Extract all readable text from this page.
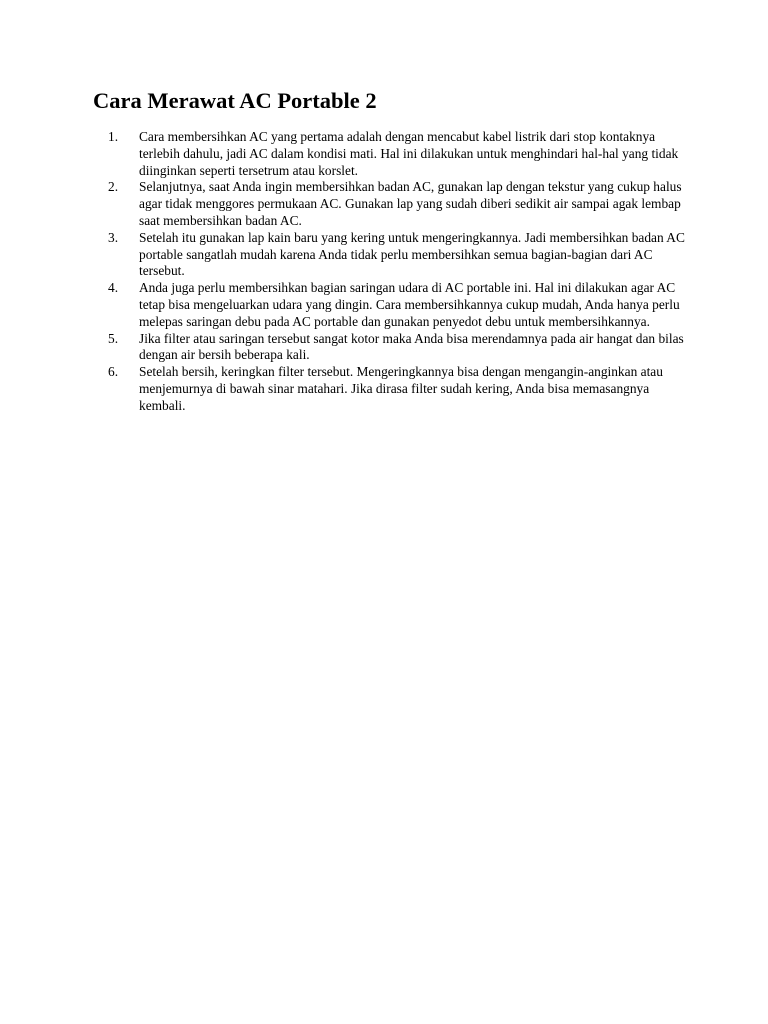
Cara Merawat AC Portable 2
1.	Cara membersihkan AC yang pertama adalah dengan mencabut kabel listrik dari stop kontaknya terlebih dahulu, jadi AC dalam kondisi mati. Hal ini dilakukan untuk menghindari hal-hal yang tidak diinginkan seperti tersetrum atau korslet.
2.	Selanjutnya, saat Anda ingin membersihkan badan AC, gunakan lap dengan tekstur yang cukup halus agar tidak menggores permukaan AC. Gunakan lap yang sudah diberi sedikit air sampai agak lembap saat membersihkan badan AC.
3.	Setelah itu gunakan lap kain baru yang kering untuk mengeringkannya. Jadi membersihkan badan AC portable sangatlah mudah karena Anda tidak perlu membersihkan semua bagian-bagian dari AC tersebut.
4.	Anda juga perlu membersihkan bagian saringan udara di AC portable ini. Hal ini dilakukan agar AC tetap bisa mengeluarkan udara yang dingin. Cara membersihkannya cukup mudah, Anda hanya perlu melepas saringan debu pada AC portable dan gunakan penyedot debu untuk membersihkannya.
5.	Jika filter atau saringan tersebut sangat kotor maka Anda bisa merendamnya pada air hangat dan bilas dengan air bersih beberapa kali.
6.	Setelah bersih, keringkan filter tersebut. Mengeringkannya bisa dengan mengangin-anginkan atau menjemurnya di bawah sinar matahari. Jika dirasa filter sudah kering, Anda bisa memasangnya kembali.
